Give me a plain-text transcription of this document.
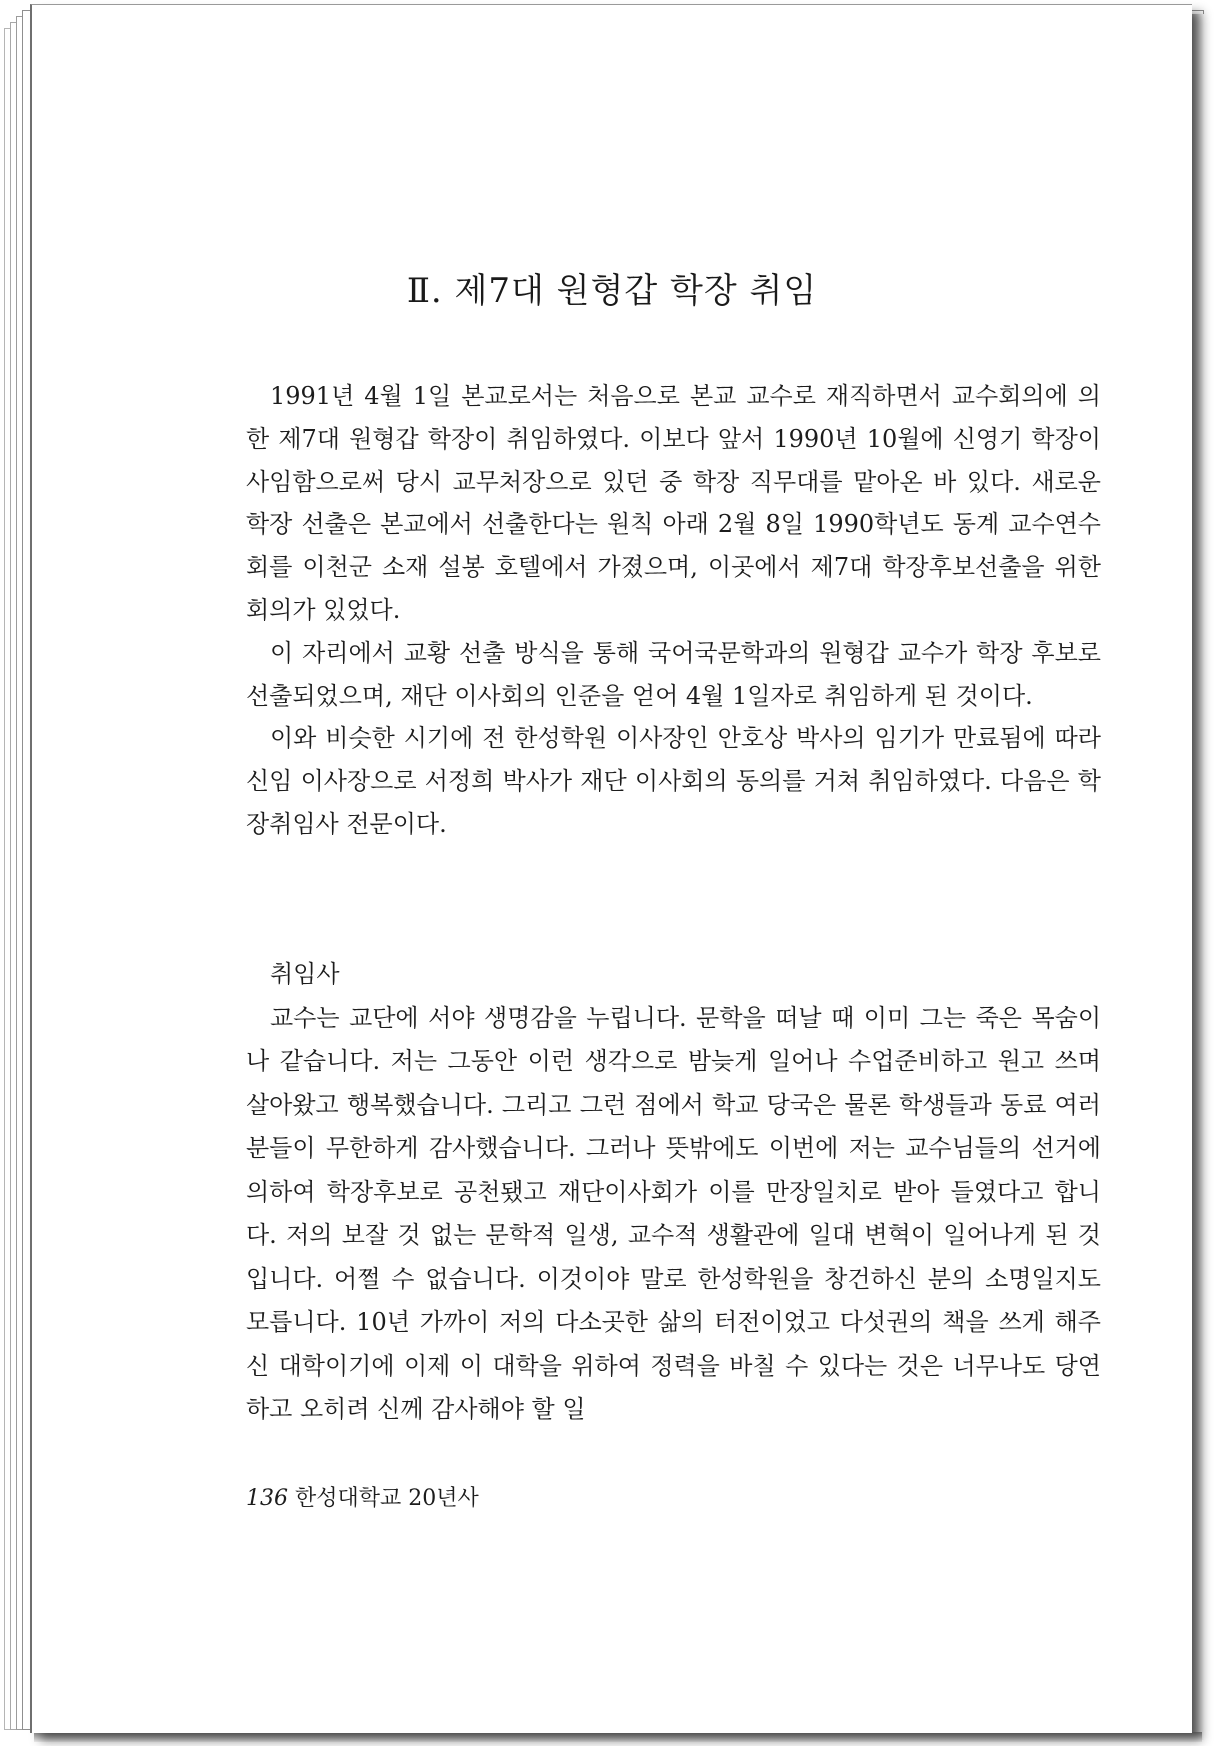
Ⅱ. 제7대 원형갑 학장 취임

1991년 4월 1일 본교로서는 처음으로 본교 교수로 재직하면서 교수회의에 의한 제7대 원형갑 학장이 취임하였다. 이보다 앞서 1990년 10월에 신영기 학장이 사임함으로써 당시 교무처장으로 있던 중 학장 직무대를 맡아온 바 있다. 새로운 학장 선출은 본교에서 선출한다는 원칙 아래 2월 8일 1990학년도 동계 교수연수회를 이천군 소재 설봉 호텔에서 가졌으며, 이곳에서 제7대 학장후보선출을 위한 회의가 있었다.

이 자리에서 교황 선출 방식을 통해 국어국문학과의 원형갑 교수가 학장 후보로 선출되었으며, 재단 이사회의 인준을 얻어 4월 1일자로 취임하게 된 것이다.

이와 비슷한 시기에 전 한성학원 이사장인 안호상 박사의 임기가 만료됨에 따라 신임 이사장으로 서정희 박사가 재단 이사회의 동의를 거쳐 취임하였다. 다음은 학장취임사 전문이다.

취임사

교수는 교단에 서야 생명감을 누립니다. 문학을 떠날 때 이미 그는 죽은 목숨이나 같습니다. 저는 그동안 이런 생각으로 밤늦게 일어나 수업준비하고 원고 쓰며 살아왔고 행복했습니다. 그리고 그런 점에서 학교 당국은 물론 학생들과 동료 여러분들이 무한하게 감사했습니다. 그러나 뜻밖에도 이번에 저는 교수님들의 선거에 의하여 학장후보로 공천됐고 재단이사회가 이를 만장일치로 받아 들였다고 합니다. 저의 보잘 것 없는 문학적 일생, 교수적 생활관에 일대 변혁이 일어나게 된 것입니다. 어쩔 수 없습니다. 이것이야 말로 한성학원을 창건하신 분의 소명일지도 모릅니다. 10년 가까이 저의 다소곳한 삶의 터전이었고 다섯권의 책을 쓰게 해주신 대학이기에 이제 이 대학을 위하여 정력을 바칠 수 있다는 것은 너무나도 당연하고 오히려 신께 감사해야 할 일

136 한성대학교 20년사
